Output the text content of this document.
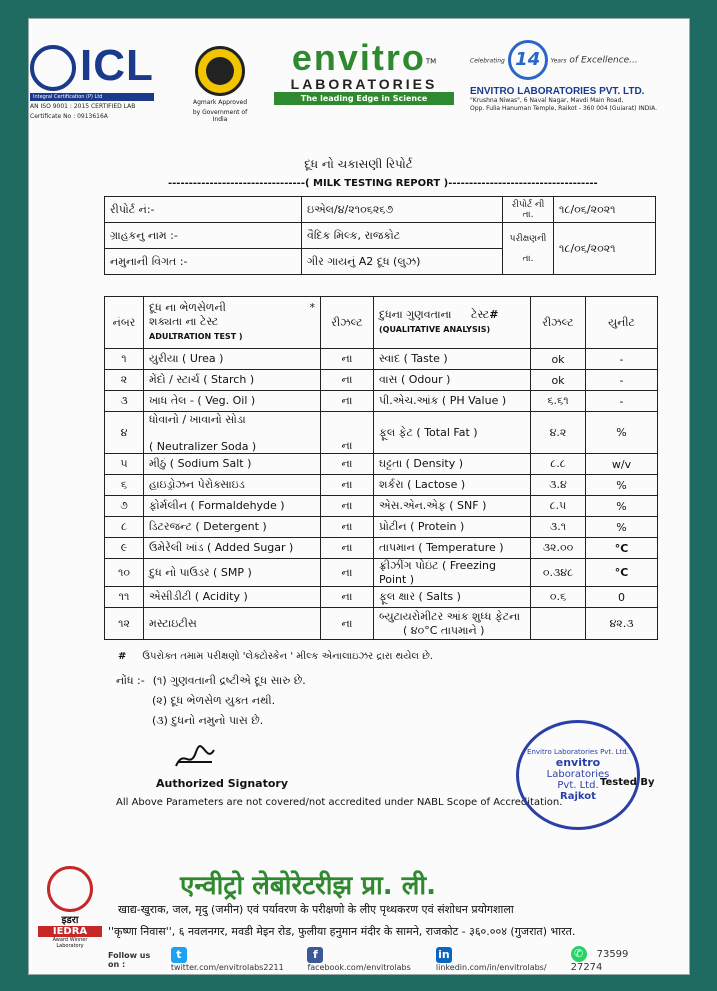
ICL
Integral Certification (P) Ltd
AN ISO 9001 : 2015 CERTIFIED LAB
Certificate No : 0913616A
Agmark Approved
by Government of India
envitro™
LABORATORIES
The leading Edge in Science
Celebrating 14 Years of Excellence...
ENVITRO LABORATORIES PVT. LTD.
"Krushna Niwas", 6 Naval Nagar, Mavdi Main Road,
Opp. Fulia Hanuman Temple, Raikot - 360 004 (Guiarat) INDIA.
દૂધ નો ચકાસણી રિપોર્ટ
---------------------------------( MILK TESTING REPORT )------------------------------------
રીપોર્ટ નં:-	ઇએલ/૪/૨૧૦૬૨૬૭	રીપોર્ટ ની
તા.	૧૮/૦૬/૨૦૨૧
ગ્રાહકનુ નામ :-	વૈદિક મિલ્ક, રાજકોટ	પરીક્ષણની

તા.	૧૮/૦૬/૨૦૨૧
નમુનાની વિગત :-	ગીર ગાયનું A2 દૂધ (લુઝ)		
નંબર	દૂધ ના ભેળસેળની *

શક્યતા ના ટેસ્ટ
ADULTRATION TEST )	રીઝલ્ટ	દુધના ગુણવતાના ટેસ્ટ#
(QUALITATIVE ANALYSIS)	રીઝલ્ટ	યુનીટ
૧	યુરીયા ( Urea )	ના	સ્વાદ ( Taste )	ok	-
૨	મેંદો / સ્ટાર્ચ ( Starch )	ના	વાસ ( Odour )	ok	-
૩	ખાધ તેલ - ( Veg. Oil )	ના	પી.એચ.આંક ( PH Value )	૬.૬૧	-
૪	ધોવાનો / ખાવાનો સોડા

( Neutralizer Soda )	ના	ફૂલ ફેટ ( Total Fat )	૪.૨	%
૫	મીઠું ( Sodium Salt )	ના	ઘટ્ટતા ( Density )	૮.૮	w/v
૬	હાઇડ્રોઝન પેરોક્સાઇડ	ના	શર્કરા ( Lactose )	૩.૪	%
૭	ફોર્મલીન ( Formaldehyde )	ના	એસ.એન.એફ ( SNF )	૮.૫	%
૮	ડિટરજન્ટ ( Detergent )	ના	પ્રોટીન ( Protein )	૩.૧	%
૯	ઉમેરેલી ખાંડ ( Added Sugar )	ના	તાપમાન ( Temperature )	૩૨.૦૦	°C
૧૦	દુધ નો પાઉડર ( SMP )	ના	ફ્રીઝીંગ પોઇંટ ( Freezing Point )	૦.૩૪૮	°C
૧૧	એસીડીટી ( Acidity )	ના	ફૂલ ક્ષાર ( Salts )	૦.૬	0
૧૨	મસ્ટાઇટીસ	ના	બ્યુટાયરોમીટર આંક શુધ્ધ ફેટના
( ૪૦°C તાપમાને )		૪૨.૩
# ઉપરોક્ત તમામ પરીક્ષણો 'લેક્ટોસ્કેન ' મીલ્ક એનાલાઇઝર દ્રારા થયેલ છે.
નોંધ :- (૧) ગુણવતાની દ્રષ્ટીએ દૂધ સારુ છે.
(૨) દૂધ ભેળસેળ યુક્ત નથી.
(૩) દુધનો નમુનો પાસ છે.
Authorized Signatory
All Above Parameters are not covered/not accredited under NABL Scope of Accreditation.
Envitro Laboratories Pvt. Ltd.
envitro
Laboratories
Pvt. Ltd.
Rajkot
Tested By
इडरा
IEDRA
Award Winner
Laboratory
एन्वीट्रो लेबोरेटरीझ प्रा. ली.
खाद्य-खुराक, जल, मृदु (जमीन) एवं पर्यावरण के परीक्षणो के लीए पृथ्थकरण एवं संशोधन प्रयोगशाला
''कृष्णा निवास'', ६ नवलनगर, मवडी मेइन रोड, फुलीया हनुमान मंदीर के सामने, राजकोट - ३६०.००४ (गुजरात) भारत.
Follow us on :
ttwitter.com/envitrolabs2211
ffacebook.com/envitrolabs
inlinkedin.com/in/envitrolabs/
✆ 73599 27274
